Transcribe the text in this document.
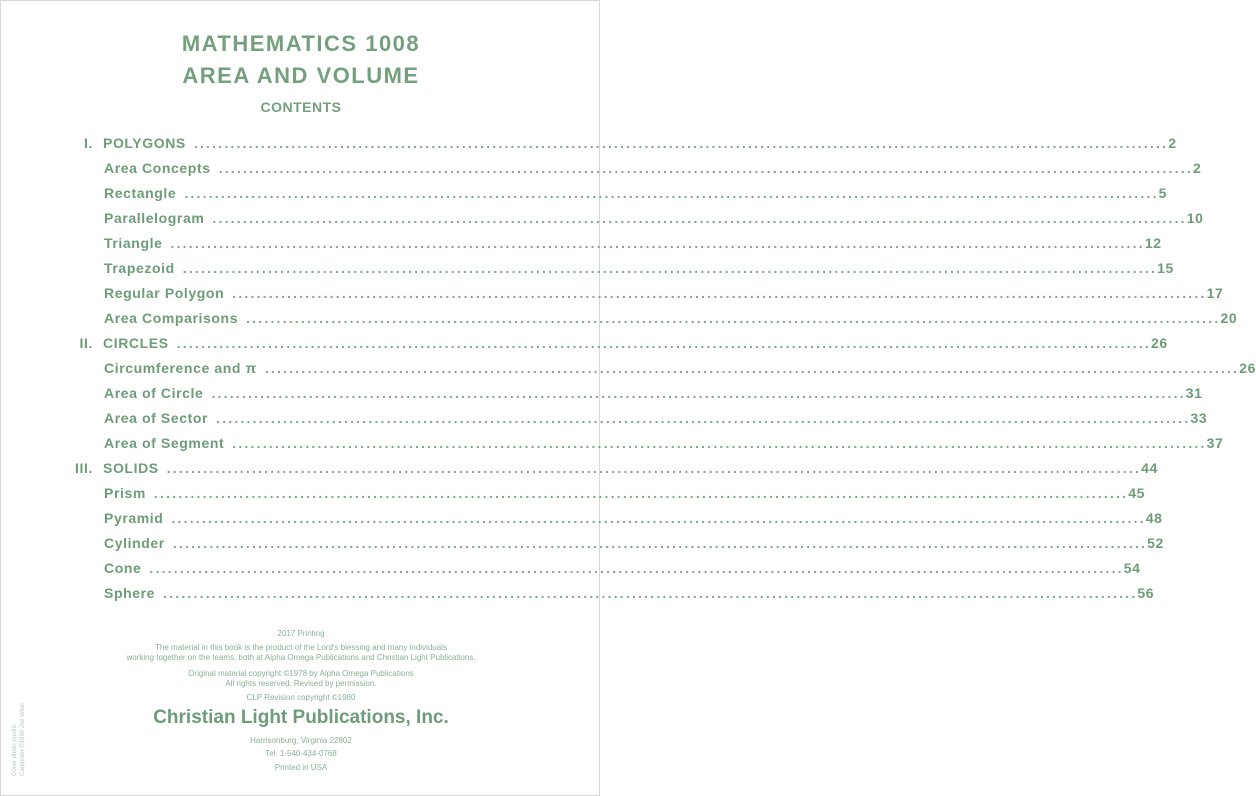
MATHEMATICS 1008
AREA AND VOLUME
CONTENTS
I. POLYGONS ................................................................................................................................................................ 2
Area Concepts ................................................................................................................................................................ 2
Rectangle ................................................................................................................................................................ 5
Parallelogram ................................................................................................................................................................ 10
Triangle ................................................................................................................................................................ 12
Trapezoid ................................................................................................................................................................ 15
Regular Polygon ................................................................................................................................................................ 17
Area Comparisons ................................................................................................................................................................ 20
II. CIRCLES ................................................................................................................................................................ 26
Circumference and π ................................................................................................................................................................ 26
Area of Circle ................................................................................................................................................................ 31
Area of Sector ................................................................................................................................................................ 33
Area of Segment ................................................................................................................................................................ 37
III. SOLIDS ................................................................................................................................................................ 44
Prism ................................................................................................................................................................ 45
Pyramid ................................................................................................................................................................ 48
Cylinder ................................................................................................................................................................ 52
Cone ................................................................................................................................................................ 54
Sphere ................................................................................................................................................................ 56
2017 Printing
The material in this book is the product of the Lord's blessing and many individuals
working together on the teams, both at Alpha Omega Publications and Christian Light Publications.
Original material copyright ©1978 by Alpha Omega Publications
All rights reserved. Revised by permission.
CLP Revision copyright ©1980
Christian Light Publications, Inc.
Harrisonburg, Virginia 22802
Tel. 1-540-434-0768
Printed in USA
Cover photo credits Carpenter ©1980 Joe Weel
